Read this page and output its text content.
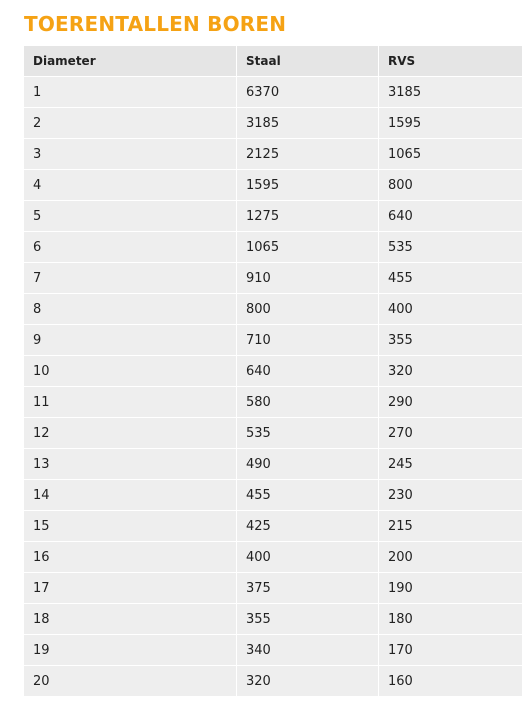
TOERENTALLEN BOREN
Diameter	Staal	RVS
1	6370	3185
2	3185	1595
3	2125	1065
4	1595	800
5	1275	640
6	1065	535
7	910	455
8	800	400
9	710	355
10	640	320
11	580	290
12	535	270
13	490	245
14	455	230
15	425	215
16	400	200
17	375	190
18	355	180
19	340	170
20	320	160
